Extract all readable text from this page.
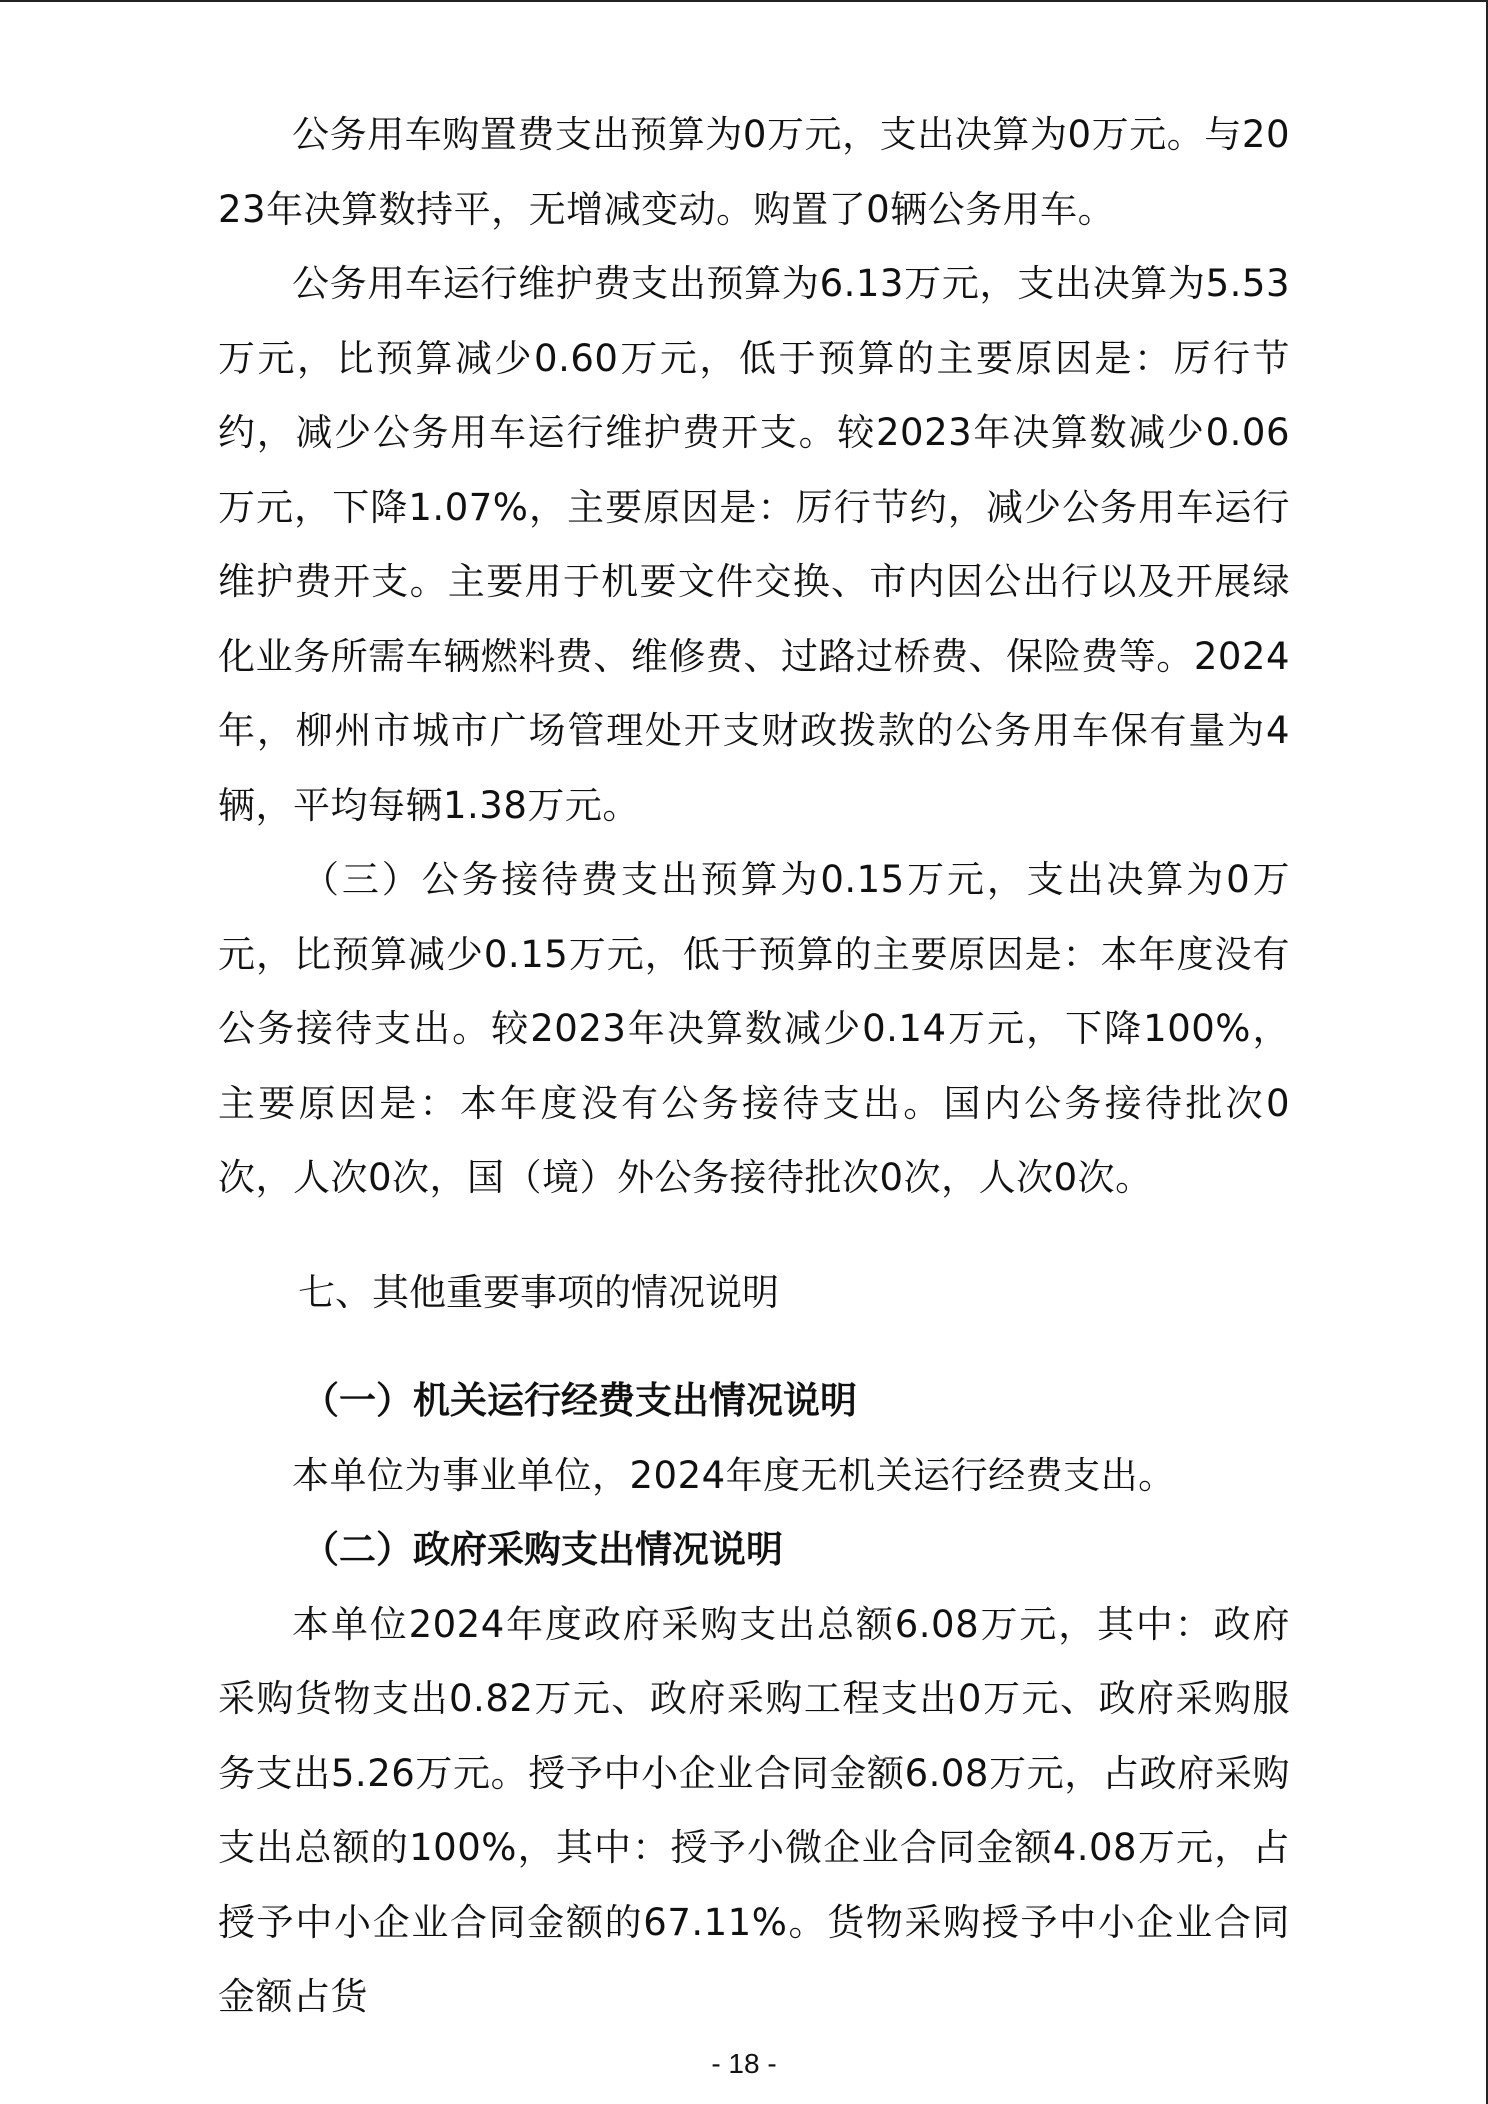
公务用车购置费支出预算为0万元，支出决算为0万元。与2023年决算数持平，无增减变动。购置了0辆公务用车。

公务用车运行维护费支出预算为6.13万元，支出决算为5.53万元，比预算减少0.60万元，低于预算的主要原因是：厉行节约，减少公务用车运行维护费开支。较2023年决算数减少0.06万元，下降1.07%，主要原因是：厉行节约，减少公务用车运行维护费开支。主要用于机要文件交换、市内因公出行以及开展绿化业务所需车辆燃料费、维修费、过路过桥费、保险费等。2024年，柳州市城市广场管理处开支财政拨款的公务用车保有量为4辆，平均每辆1.38万元。

（三）公务接待费支出预算为0.15万元，支出决算为0万元，比预算减少0.15万元，低于预算的主要原因是：本年度没有公务接待支出。较2023年决算数减少0.14万元，下降100%，主要原因是：本年度没有公务接待支出。国内公务接待批次0次，人次0次，国（境）外公务接待批次0次，人次0次。

七、其他重要事项的情况说明
（一）机关运行经费支出情况说明

本单位为事业单位，2024年度无机关运行经费支出。

（二）政府采购支出情况说明

本单位2024年度政府采购支出总额6.08万元，其中：政府采购货物支出0.82万元、政府采购工程支出0万元、政府采购服务支出5.26万元。授予中小企业合同金额6.08万元，占政府采购支出总额的100%，其中：授予小微企业合同金额4.08万元，占授予中小企业合同金额的67.11%。货物采购授予中小企业合同金额占货

- 18 -
